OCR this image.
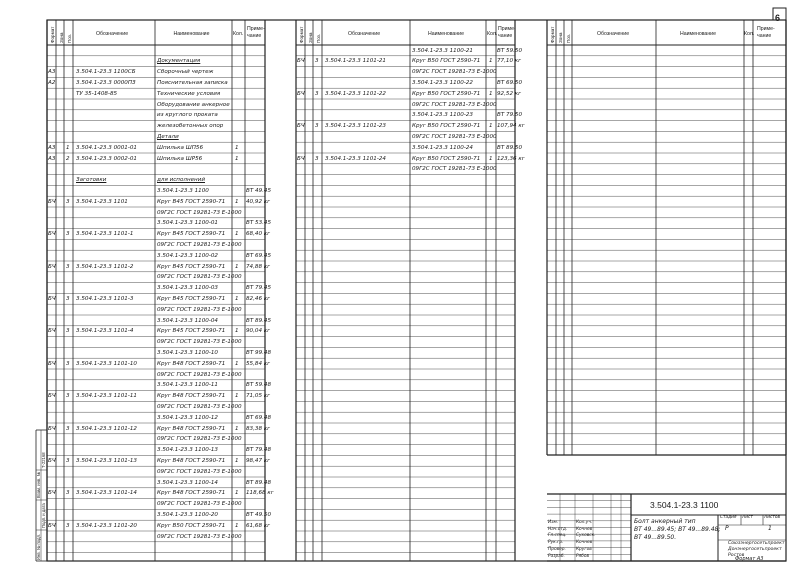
Формат Зона Поз.	Обозначение	Наименование	Кол.
Приме-
чание
Документация
А3	3.504.1-23.3 1100СБ	Сборочный чертеж
А2	3.504.1-23.3 0000ПЗ	Пояснительная записка
ТУ 35-1408-85	Технические условия
Оборудование анкерное
из круглого проката
железобетонных опор
Детали
А3 1 3.504.1-23.3 0001-01	Шпилька ШП56	1
А3 2 3.504.1-23.3 0002-01	Шпилька ШР56	1
Заготовки	для исполнений
3.504.1-23.3 1100	ВТ 49.45
БЧ 3 3.504.1-23.3 1101	Круг В45 ГОСТ 2590-71 1 40,92 кг
09Г2С ГОСТ 19281-73 Е-1000
3.504.1-23.3 1100-01	ВТ 53.45
БЧ 3 3.504.1-23.3 1101-1	Круг В45 ГОСТ 2590-71 1 68,40 кг
09Г2С ГОСТ 19281-73 Е-1000
3.504.1-23.3 1100-02	ВТ 69.45
БЧ 3 3.504.1-23.3 1101-2	Круг В45 ГОСТ 2590-71 1 74,88 кг
09Г2С ГОСТ 19281-73 Е-1000
3.504.1-23.3 1100-03	ВТ 79.45
БЧ 3 3.504.1-23.3 1101-3	Круг В45 ГОСТ 2590-71 1 82,46 кг
09Г2С ГОСТ 19281-73 Е-1000
3.504.1-23.3 1100-04	ВТ 89.45
БЧ 3 3.504.1-23.3 1101-4	Круг В45 ГОСТ 2590-71 1 90,04 кг
09Г2С ГОСТ 19281-73 Е-1000
3.504.1-23.3 1100-10	ВТ 99.48
БЧ 3 3.504.1-23.3 1101-10	Круг В48 ГОСТ 2590-71 1 55,84 кг
09Г2С ГОСТ 19281-73 Е-1000
3.504.1-23.3 1100-11	ВТ 59.48
БЧ 3 3.504.1-23.3 1101-11	Круг В48 ГОСТ 2590-71 1 71,05 кг
09Г2С ГОСТ 19281-73 Е-1000
3.504.1-23.3 1100-12	ВТ 69.48
БЧ 3 3.504.1-23.3 1101-12	Круг В48 ГОСТ 2590-71 1 83,38 кг
09Г2С ГОСТ 19281-73 Е-1000
3.504.1-23.3 1100-13	ВТ 79.48
БЧ 3 3.504.1-23.3 1101-13	Круг В48 ГОСТ 2590-71 1 98,47 кг
09Г2С ГОСТ 19281-73 Е-1000
3.504.1-23.3 1100-14	ВТ 89.48
БЧ 3 3.504.1-23.3 1101-14	Круг В48 ГОСТ 2590-71 1 118,68 кг
09Г2С ГОСТ 19281-73 Е-1000
3.504.1-23.3 1100-20	ВТ 49.50
БЧ 3 3.504.1-23.3 1101-20	Круг В50 ГОСТ 2590-71 1 61,68 кг
09Г2С ГОСТ 19281-73 Е-1000
Формат Зона Поз.	Обозначение	Наименование	Кол.
Приме-
чание
3.504.1-23.3 1100-21	ВТ 59.50
БЧ 3 3.504.1-23.3 1101-21	Круг В50 ГОСТ 2590-71 1 77,10 кг
09Г2С ГОСТ 19281-73 Е-1000
3.504.1-23.3 1100-22	ВТ 69.50
БЧ 3 3.504.1-23.3 1101-22	Круг В50 ГОСТ 2590-71 1 92,52 кг
09Г2С ГОСТ 19281-73 Е-1000
3.504.1-23.3 1100-23	ВТ 79.50
БЧ 3 3.504.1-23.3 1101-23	Круг В50 ГОСТ 2590-71 1 107,94 кг
09Г2С ГОСТ 19281-73 Е-1000
3.504.1-23.3 1100-24	ВТ 89.50
БЧ 3 3.504.1-23.3 1101-24	Круг В50 ГОСТ 2590-71 1 123,36 кг
09Г2С ГОСТ 19281-73 Е-1000
Формат Зона Поз.	Обозначение	Наименование	Кол.
Приме-
чание
Изм.	Кол.уч.
Нач.отд. Кочнев
Гл.спец. Суховск.
Рук.гр.	Кочнев
Провер. Кругов
Разраб.	Рябов
3.504.1-23.3 1100
Болт анкерный тип
ВТ 49...89.45; ВТ 49...89.48;
ВТ 49...89.50.
Стадия Лист	Листов
Р	1
Союзэнергосетьпроект
Донэнергосетьпроект
Ростов
Формат А3
Инв. № подл.
Подп. и дата
Взам. инв. №
Т-22168
6
